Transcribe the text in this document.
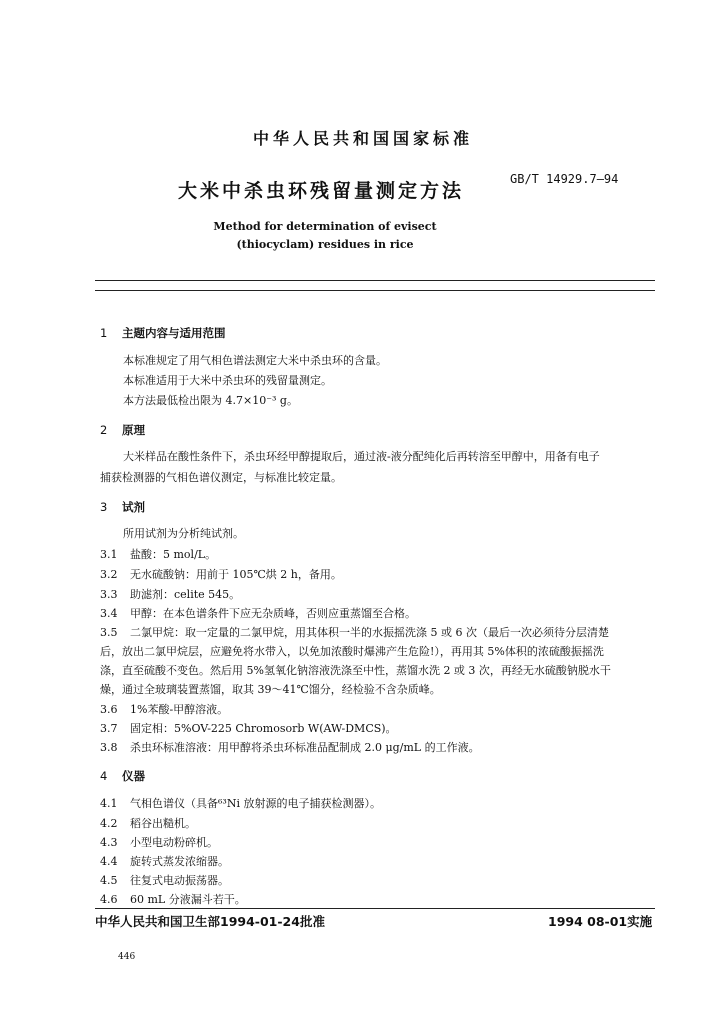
中华人民共和国国家标准
大米中杀虫环残留量测定方法
GB/T 14929.7—94
Method for determination of evisect
(thiocyclam) residues in rice
1 主题内容与适用范围
本标准规定了用气相色谱法测定大米中杀虫环的含量。
本标准适用于大米中杀虫环的残留量测定。
本方法最低检出限为 4.7×10⁻³ g。
2 原理
大米样品在酸性条件下，杀虫环经甲醇提取后，通过液-液分配纯化后再转溶至甲醇中，用备有电子
捕获检测器的气相色谱仪测定，与标准比较定量。
3 试剂
所用试剂为分析纯试剂。
3.1 盐酸：5 mol/L。
3.2 无水硫酸钠：用前于 105℃烘 2 h，备用。
3.3 助滤剂：celite 545。
3.4 甲醇：在本色谱条件下应无杂质峰，否则应重蒸馏至合格。
3.5 二氯甲烷：取一定量的二氯甲烷，用其体积一半的水振摇洗涤 5 或 6 次（最后一次必须待分层清楚
后，放出二氯甲烷层，应避免将水带入，以免加浓酸时爆沸产生危险!），再用其 5%体积的浓硫酸振摇洗
涤，直至硫酸不变色。然后用 5%氢氧化钠溶液洗涤至中性，蒸馏水洗 2 或 3 次，再经无水硫酸钠脱水干
燥，通过全玻璃装置蒸馏，取其 39～41℃馏分，经检验不含杂质峰。
3.6 1%苯酸-甲醇溶液。
3.7 固定相：5%OV-225 Chromosorb W(AW-DMCS)。
3.8 杀虫环标准溶液：用甲醇将杀虫环标准品配制成 2.0 μg/mL 的工作液。
4 仪器
4.1 气相色谱仪（具备⁶³Ni 放射源的电子捕获检测器）。
4.2 稻谷出糙机。
4.3 小型电动粉碎机。
4.4 旋转式蒸发浓缩器。
4.5 往复式电动振荡器。
4.6 60 mL 分液漏斗若干。
中华人民共和国卫生部1994-01-24批准	1994 08-01实施
446
